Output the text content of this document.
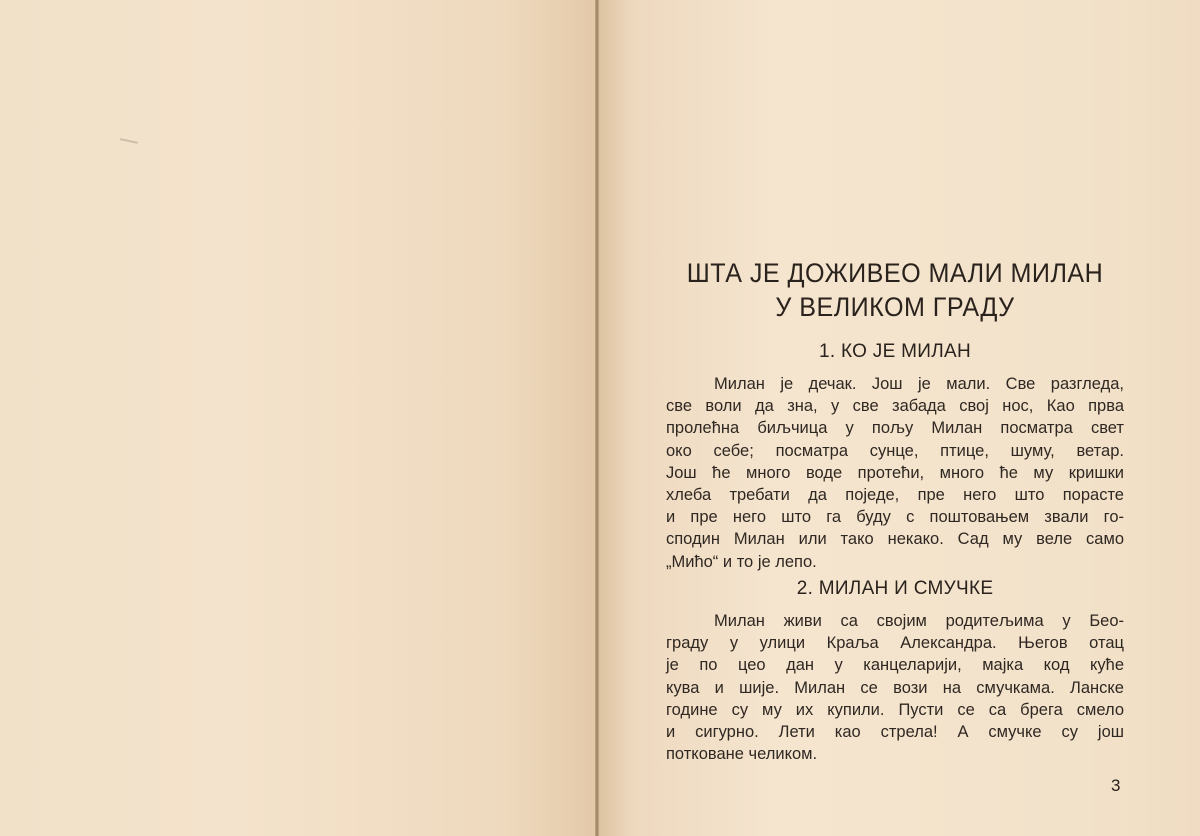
ШТА ЈЕ ДОЖИВЕО МАЛИ МИЛАН
У ВЕЛИКОМ ГРАДУ
1. КО ЈЕ МИЛАН

Милан је дечак. Још је мали. Све разгледа,
све воли да зна, у све забада свој нос, Као прва
пролећна биљчица у пољу Милан посматра свет
око себе; посматра сунце, птице, шуму, ветар.
Још ће много воде протећи, много ће му кришки
хлеба требати да поједе, пре него што порасте
и пре него што га буду с поштовањем звали го-
сподин Милан или тако некако. Сад му веле само
„Мићо“ и то је лепо.

2. МИЛАН И СМУЧКЕ

Милан живи са својим родитељима у Бео-
граду у улици Краља Александра. Његов отац
је по цео дан у канцеларији, мајка код куће
кува и шије. Милан се вози на смучкама. Ланске
године су му их купили. Пусти се са брега смело
и сигурно. Лети као стрела! А смучке су још
потковане челиком.

3
